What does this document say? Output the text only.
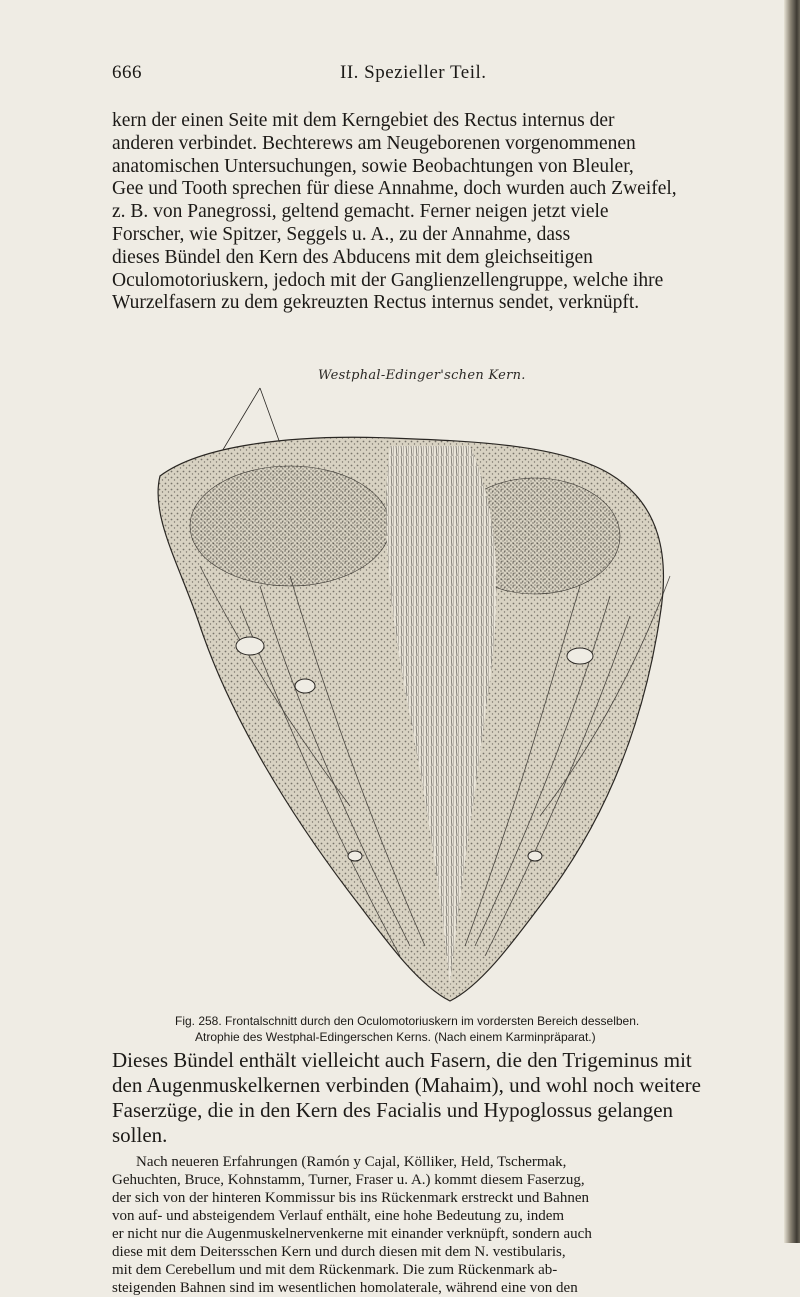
666	II. Spezieller Teil.
kern der einen Seite mit dem Kerngebiet des Rectus internus der
anderen verbindet. Bechterews am Neugeborenen vorgenommenen
anatomischen Untersuchungen, sowie Beobachtungen von Bleuler,
Gee und Tooth sprechen für diese Annahme, doch wurden auch Zweifel,
z. B. von Panegrossi, geltend gemacht. Ferner neigen jetzt viele
Forscher, wie Spitzer, Seggels u. A., zu der Annahme, dass
dieses Bündel den Kern des Abducens mit dem gleichseitigen
Oculomotoriuskern, jedoch mit der Ganglienzellengruppe, welche ihre
Wurzelfasern zu dem gekreuzten Rectus internus sendet, verknüpft.
Westphal-Edinger'schen Kern.
Fig. 258. Frontalschnitt durch den Oculomotoriuskern im vordersten Bereich desselben.
Atrophie des Westphal-Edingerschen Kerns. (Nach einem Karminpräparat.)
Dieses Bündel enthält vielleicht auch Fasern, die den Trigeminus mit
den Augenmuskelkernen verbinden (Mahaim), und wohl noch weitere
Faserzüge, die in den Kern des Facialis und Hypoglossus gelangen
sollen.
Nach neueren Erfahrungen (Ramón y Cajal, Kölliker, Held, Tschermak,
Gehuchten, Bruce, Kohnstamm, Turner, Fraser u. A.) kommt diesem Faserzug,
der sich von der hinteren Kommissur bis ins Rückenmark erstreckt und Bahnen
von auf- und absteigendem Verlauf enthält, eine hohe Bedeutung zu, indem
er nicht nur die Augenmuskelnervenkerne mit einander verknüpft, sondern auch
diese mit dem Deitersschen Kern und durch diesen mit dem N. vestibularis,
mit dem Cerebellum und mit dem Rückenmark. Die zum Rückenmark ab-
steigenden Bahnen sind im wesentlichen homolaterale, während eine von den
